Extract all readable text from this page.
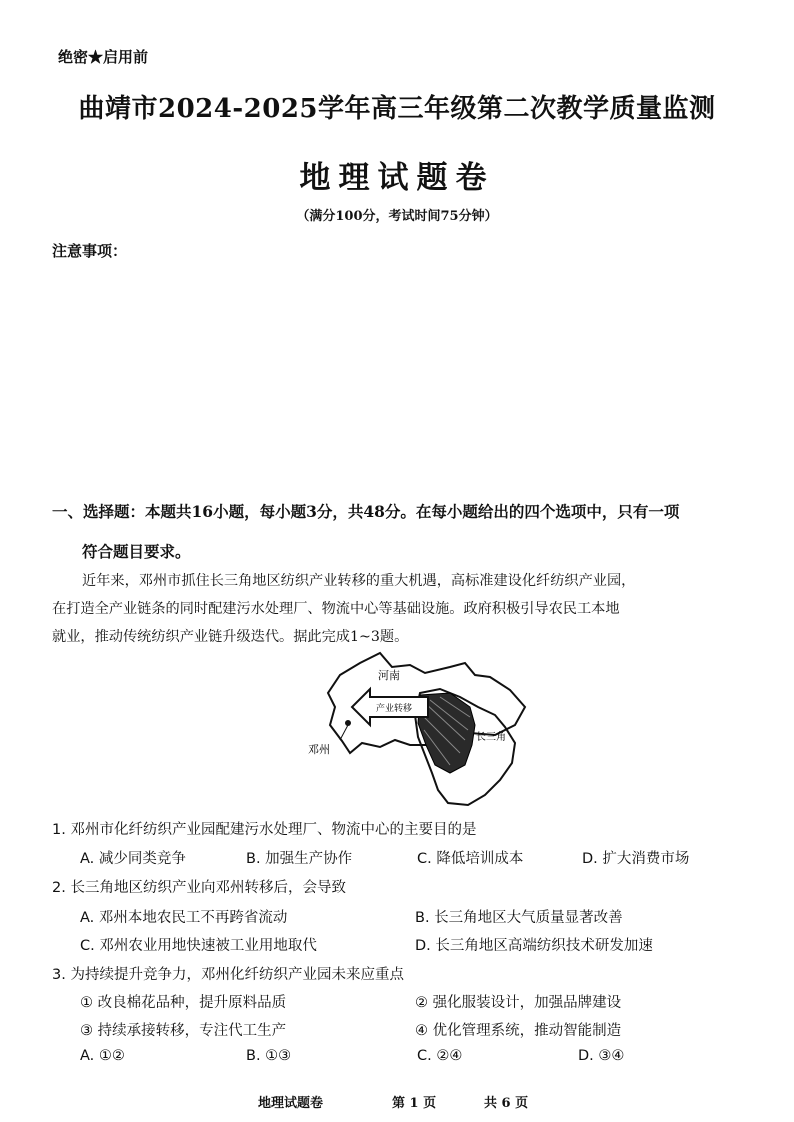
绝密★启用前
曲靖市2024-2025学年高三年级第二次教学质量监测
地理试题卷
（满分100分，考试时间75分钟）
注意事项：
一、选择题：本题共16小题，每小题3分，共48分。在每小题给出的四个选项中，只有一项
符合题目要求。
近年来，邓州市抓住长三角地区纺织产业转移的重大机遇，高标准建设化纤纺织产业园，
在打造全产业链条的同时配建污水处理厂、物流中心等基础设施。政府积极引导农民工本地
就业，推动传统纺织产业链升级迭代。据此完成1~3题。
河南
产业转移
邓州
长三角
1. 邓州市化纤纺织产业园配建污水处理厂、物流中心的主要目的是
A. 减少同类竞争	B. 加强生产协作	C. 降低培训成本	D. 扩大消费市场
2. 长三角地区纺织产业向邓州转移后，会导致
A. 邓州本地农民工不再跨省流动	B. 长三角地区大气质量显著改善
C. 邓州农业用地快速被工业用地取代	D. 长三角地区高端纺织技术研发加速
3. 为持续提升竞争力，邓州化纤纺织产业园未来应重点
① 改良棉花品种，提升原料品质	② 强化服装设计，加强品牌建设
③ 持续承接转移，专注代工生产	④ 优化管理系统，推动智能制造
A. ①②	B. ①③	C. ②④	D. ③④
地理试题卷	第 1 页	共 6 页
